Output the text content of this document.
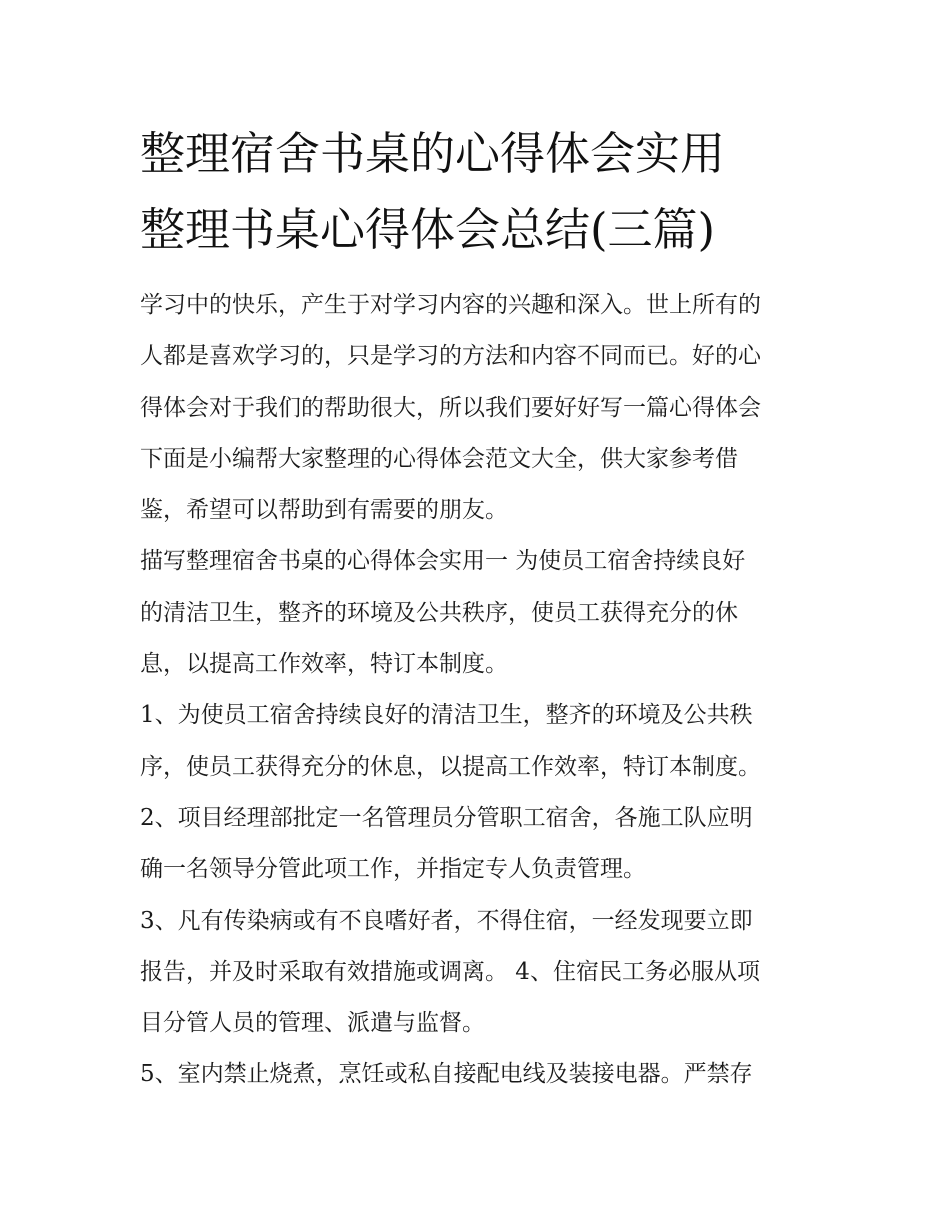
整理宿舍书桌的心得体会实用
整理书桌心得体会总结(三篇)
学习中的快乐，产生于对学习内容的兴趣和深入。世上所有的
人都是喜欢学习的，只是学习的方法和内容不同而已。好的心
得体会对于我们的帮助很大，所以我们要好好写一篇心得体会
下面是小编帮大家整理的心得体会范文大全，供大家参考借
鉴，希望可以帮助到有需要的朋友。
描写整理宿舍书桌的心得体会实用一 为使员工宿舍持续良好
的清洁卫生，整齐的环境及公共秩序，使员工获得充分的休
息，以提高工作效率，特订本制度。
1、为使员工宿舍持续良好的清洁卫生，整齐的环境及公共秩
序，使员工获得充分的休息，以提高工作效率，特订本制度。
2、项目经理部批定一名管理员分管职工宿舍，各施工队应明
确一名领导分管此项工作，并指定专人负责管理。
3、凡有传染病或有不良嗜好者，不得住宿，一经发现要立即
报告，并及时采取有效措施或调离。 4、住宿民工务必服从项
目分管人员的管理、派遣与监督。
5、室内禁止烧煮，烹饪或私自接配电线及装接电器。严禁存
